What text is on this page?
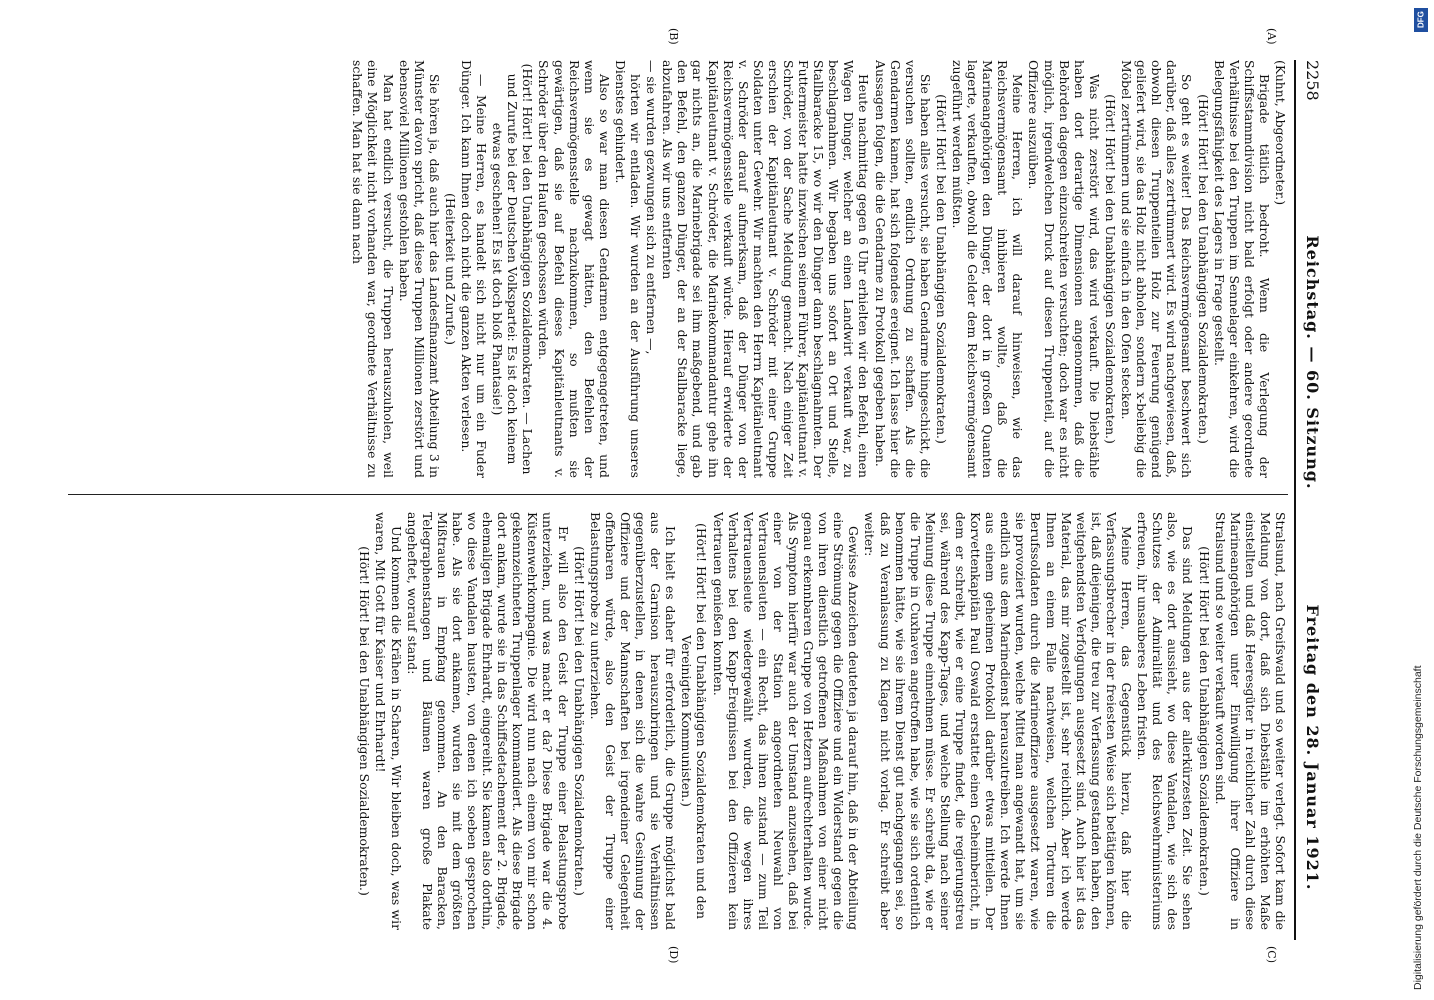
2258
Reichstag. — 60. Sitzung.
Freitag den 28. Januar 1921.
(A)
(B)
(C)
(D)

(Kuhnt, Abgeordneter.)

Brigade tätlich bedroht. Wenn die Verlegung der Schiffsstammdivision nicht bald erfolgt oder andere geordnete Verhältnisse bei den Truppen im Sennelager einkehren, wird die Belegungsfähigkeit des Lagers in Frage gestellt.

(Hört! Hört! bei den Unabhängigen Sozialdemokraten.)

So geht es weiter! Das Reichsvermögensamt beschwert sich darüber, daß alles zertrümmert wird. Es wird nachgewiesen, daß, obwohl diesen Truppenteilen Holz zur Feuerung genügend geliefert wird, sie das Holz nicht abholen, sondern x-beliebig die Möbel zertrümmern und sie einfach in den Ofen stecken.

(Hört! Hört! bei den Unabhängigen Sozialdemokraten.)

Was nicht zerstört wird, das wird verkauft. Die Diebstähle haben dort derartige Dimensionen angenommen, daß die Behörden dagegen einzuschreiten versuchten; doch war es nicht möglich, irgendwelchen Druck auf diesen Truppenteil, auf die Offiziere auszuüben.

Meine Herren, ich will darauf hinweisen, wie das Reichsvermögensamt inhibieren wollte, daß die Marineangehörigen den Dünger, der dort in großen Quanten lagerte, verkauften, obwohl die Gelder dem Reichsvermögensamt zugeführt werden müßten.

(Hört! Hört! bei den Unabhängigen Sozialdemokraten.)

Sie haben alles versucht, sie haben Gendarme hingeschickt, die versuchen sollten, endlich Ordnung zu schaffen. Als die Gendarmen kamen, hat sich folgendes ereignet. Ich lasse hier die Aussagen folgen, die die Gendarme zu Protokoll gegeben haben.

Heute nachmittag gegen 6 Uhr erhielten wir den Befehl, einen Wagen Dünger, welcher an einen Landwirt verkauft war, zu beschlagnahmen. Wir begaben uns sofort an Ort und Stelle, Stallbaracke 15, wo wir den Dünger dann beschlagnahmten. Der Futtermeister hatte inzwischen seinem Führer, Kapitänleutnant v. Schröder, von der Sache Meldung gemacht. Nach einiger Zeit erschien der Kapitänleutnant v. Schröder mit einer Gruppe Soldaten unter Gewehr. Wir machten den Herrn Kapitänleutnant v. Schröder darauf aufmerksam, daß der Dünger von der Reichsvermögensstelle verkauft würde. Hierauf erwiderte der Kapitänleutnant v. Schröder, die Marinekommandantur gehe ihn gar nichts an, die Marinebrigade sei ihm maßgebend, und gab den Befehl, den ganzen Dünger, der an der Stallbaracke liege, abzufahren. Als wir uns entfernten

— sie wurden gezwungen sich zu entfernen —,

hörten wir entladen. Wir wurden an der Ausführung unseres Dienstes gehindert.

Also so war man diesen Gendarmen entgegengetreten, und wenn sie es gewagt hätten, den Befehlen der Reichsvermögensstelle nachzukommen, so mußten sie gewärtigen, daß sie auf Befehl dieses Kapitänleutnants v. Schröder über den Haufen geschossen würden.

(Hört! Hört! bei den Unabhängigen Sozialdemokraten. — Lachen und Zurufe bei der Deutschen Volkspartei: Es ist doch keinem etwas geschehen! Es ist doch bloß Phantasie!)

— Meine Herren, es handelt sich nicht nur um ein Fuder Dünger. Ich kann Ihnen doch nicht die ganzen Akten verlesen.

(Heiterkeit und Zurufe.)

Sie hören ja, daß auch hier das Landesfinanzamt Abteilung 3 in Münster davon spricht, daß diese Truppen Millionen zerstört und ebensoviel Millionen gestohlen haben.

Man hat endlich versucht, die Truppen herauszuholen, weil eine Möglichkeit nicht vorhanden war, geordnete Verhältnisse zu schaffen. Man hat sie dann nach

Stralsund, nach Greifswald und so weiter verlegt. Sofort kam die Meldung von dort, daß sich Diebstähle im erhöhten Maße einstellten und daß Heeresgüter in reichlicher Zahl durch diese Marineangehörigen unter Einwilligung ihrer Offiziere in Stralsund und so weiter verkauft worden sind.

(Hört! Hört! bei den Unabhängigen Sozialdemokraten.)

Das sind Meldungen aus der allerkürzesten Zeit. Sie sehen also, wie es dort aussieht, wo diese Vandalen, wie sich des Schutzes der Admiralität und des Reichswehrministeriums erfreuen, ihr unsauberes Leben fristen.

Meine Herren, das Gegenstück hierzu, daß hier die Verfassungsbrecher in der freiesten Weise sich betätigen können, ist, daß diejenigen, die treu zur Verfassung gestanden haben, den weitgehendsten Verfolgungen ausgesetzt sind. Auch hier ist das Material, das mir zugestellt ist, sehr reichlich. Aber ich werde Ihnen an einem Falle nachweisen, welchen Torturen die Berufssoldaten durch die Marineoffiziere ausgesetzt waren, wie sie provoziert wurden, welche Mittel man angewandt hat, um sie endlich aus dem Marinedienst herauszutreiben. Ich werde Ihnen aus einem geheimen Protokoll darüber etwas mitteilen. Der Korvettenkapitän Paul Oswald erstattet einen Geheimbericht, in dem er schreibt, wie er eine Truppe findet, die regierungstreu sei, während des Kapp-Tages, und welche Stellung nach seiner Meinung diese Truppe einnehmen müsse. Er schreibt da, wie er die Truppe in Cuxhaven angetroffen habe, wie sie sich ordentlich benommen hätte, wie sie ihrem Dienst gut nachgegangen sei, so daß zu Veranlassung zu Klagen nicht vorlag. Er schreibt aber weiter:

Gewisse Anzeichen deuteten ja darauf hin, daß in der Abteilung eine Strömung gegen die Offiziere und ein Widerstand gegen die von ihren dienstlich getroffenen Maßnahmen von einer nicht genau erkennbaren Gruppe von Hetzern aufrechterhalten wurde. Als Symptom hierfür war auch der Umstand anzusehen, daß bei einer von der Station angeordneten Neuwahl von Vertrauensleuten — ein Recht, das ihnen zustand — zum Teil Vertrauensleute wiedergewählt wurden, die wegen ihres Verhaltens bei den Kapp-Ereignissen bei den Offizieren kein Vertrauen genießen konnten.

(Hört! Hört! bei den Unabhängigen Sozialdemokraten und den Vereinigten Kommunisten.)

Ich hielt es daher für erforderlich, die Gruppe möglichst bald aus der Garnison herauszubringen und sie Verhältnissen gegenüberzustellen, in denen sich die wahre Gesinnung der Offiziere und der Mannschaften bei irgendeiner Gelegenheit offenbaren würde, also den Geist der Truppe einer Belastungsprobe zu unterziehen.

(Hört! Hört! bei den Unabhängigen Sozialdemokraten.)

Er will also den Geist der Truppe einer Belastungsprobe unterziehen, und was macht er da? Diese Brigade war die 4. Küstenwehrkompagnie. Die wird nun nach einem von mir schon gekennzeichneten Truppenlager kommandiert. Als diese Brigade dort ankam, wurde sie in das Schiffsdetachement der 2. Brigade, ehemaligen Brigade Ehrhardt, eingereiht. Sie kamen also dorthin, wo diese Vandalen hausten, von denen ich soeben gesprochen habe. Als sie dort ankamen, wurden sie mit dem größten Mißtrauen in Empfang genommen. An den Baracken, Telegraphenstangen und Bäumen waren große Plakate angeheftet, worauf stand:

Und kommen die Krähen in Scharen, Wir bleiben doch, was wir waren, Mit Gott für Kaiser und Ehrhardt!

(Hört! Hört! bei den Unabhängigen Sozialdemokraten.)

DFG
Digitalisierung gefördert durch die Deutsche Forschungsgemeinschaft
